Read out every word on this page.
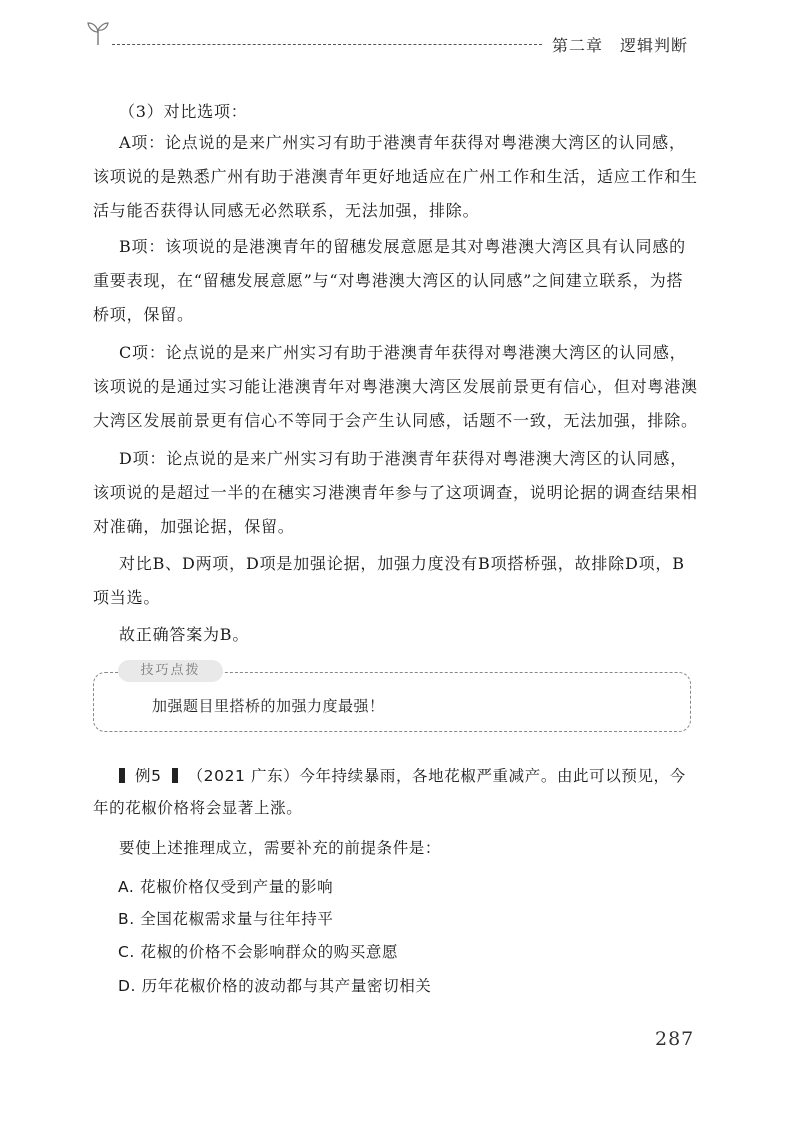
第二章　逻辑判断

（3）对比选项：

A项：论点说的是来广州实习有助于港澳青年获得对粤港澳大湾区的认同感，该项说的是熟悉广州有助于港澳青年更好地适应在广州工作和生活，适应工作和生活与能否获得认同感无必然联系，无法加强，排除。

B项：该项说的是港澳青年的留穗发展意愿是其对粤港澳大湾区具有认同感的重要表现，在“留穗发展意愿”与“对粤港澳大湾区的认同感”之间建立联系，为搭桥项，保留。

C项：论点说的是来广州实习有助于港澳青年获得对粤港澳大湾区的认同感，该项说的是通过实习能让港澳青年对粤港澳大湾区发展前景更有信心，但对粤港澳大湾区发展前景更有信心不等同于会产生认同感，话题不一致，无法加强，排除。

D项：论点说的是来广州实习有助于港澳青年获得对粤港澳大湾区的认同感，该项说的是超过一半的在穗实习港澳青年参与了这项调查，说明论据的调查结果相对准确，加强论据，保留。

对比B、D两项，D项是加强论据，加强力度没有B项搭桥强，故排除D项，B项当选。

故正确答案为B。

技巧点拨
加强题目里搭桥的加强力度最强！

例5 （2021 广东）今年持续暴雨，各地花椒严重减产。由此可以预见，今年的花椒价格将会显著上涨。

要使上述推理成立，需要补充的前提条件是：

A. 花椒价格仅受到产量的影响
B. 全国花椒需求量与往年持平
C. 花椒的价格不会影响群众的购买意愿
D. 历年花椒价格的波动都与其产量密切相关
287
